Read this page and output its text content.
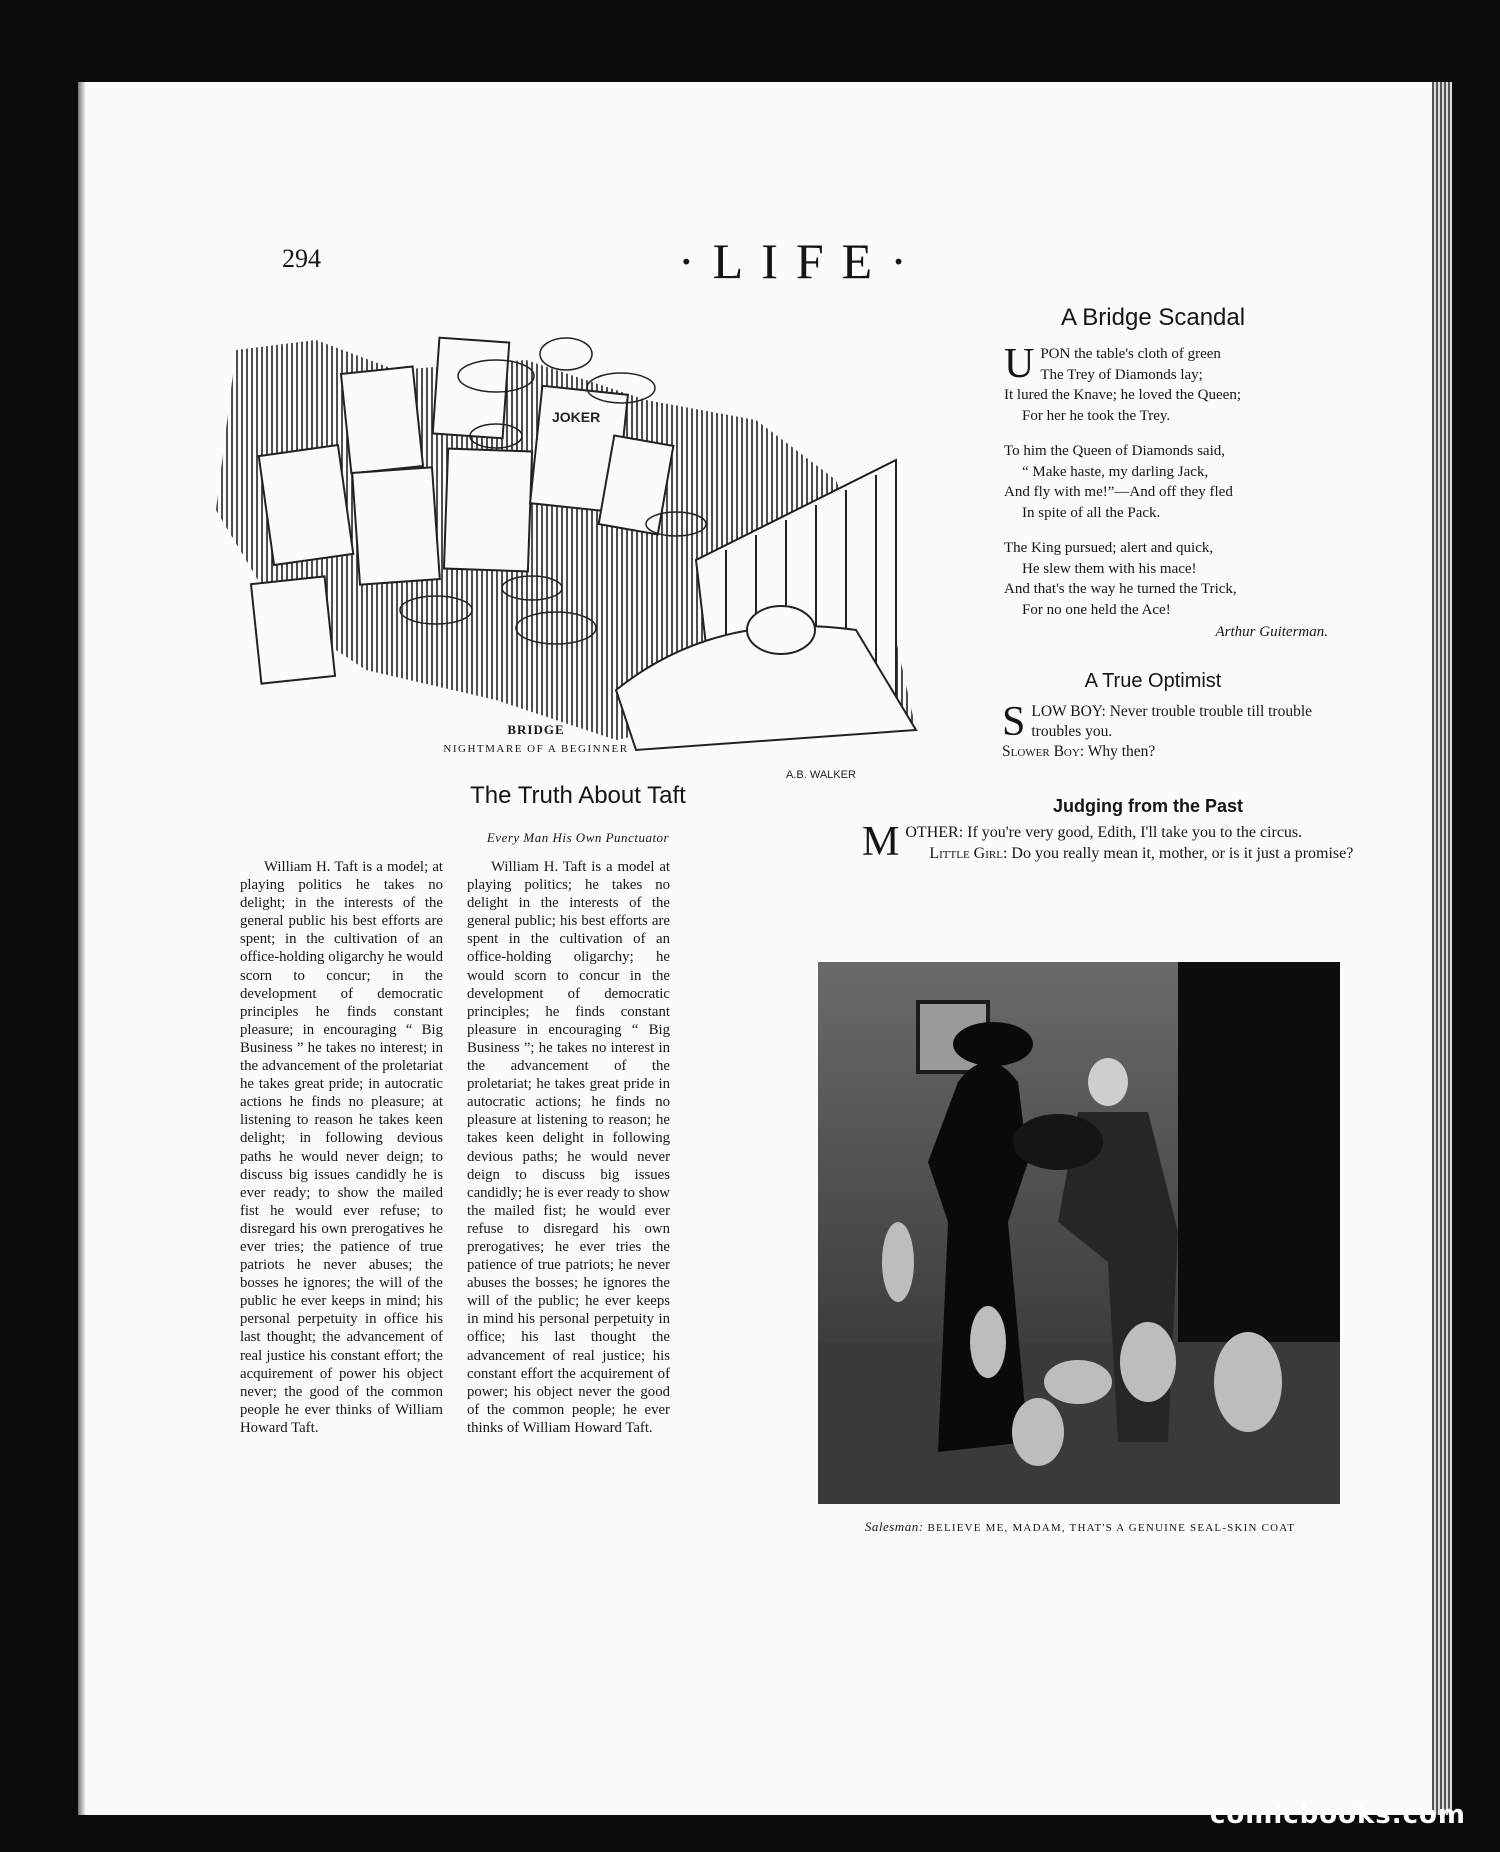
294	·LIFE·
JOKER
A.B. WALKER
BRIDGE
NIGHTMARE OF A BEGINNER
A Bridge Scandal
U PON the table's cloth of green
The Trey of Diamonds lay;
It lured the Knave; he loved the Queen;
For her he took the Trey.
To him the Queen of Diamonds said,
“ Make haste, my darling Jack,
And fly with me!”—And off they fled
In spite of all the Pack.
The King pursued; alert and quick,
He slew them with his mace!
And that's the way he turned the Trick,
For no one held the Ace!
Arthur Guiterman.
A True Optimist
S LOW BOY: Never trouble trouble till trouble troubles you.
Slower Boy: Why then?
Judging from the Past
M OTHER: If you're very good, Edith, I'll take you to the circus.
Little Girl: Do you really mean it, mother, or is it just a promise?
The Truth About Taft
Every Man His Own Punctuator

William H. Taft is a model; at playing politics he takes no delight; in the interests of the general public his best efforts are spent; in the cultivation of an office-holding oligarchy he would scorn to concur; in the development of democratic principles he finds constant pleasure; in encouraging “ Big Business ” he takes no interest; in the advancement of the proletariat he takes great pride; in autocratic actions he finds no pleasure; at listening to reason he takes keen delight; in following devious paths he would never deign; to discuss big issues candidly he is ever ready; to show the mailed fist he would ever refuse; to disregard his own prerogatives he ever tries; the patience of true patriots he never abuses; the bosses he ignores; the will of the public he ever keeps in mind; his personal perpetuity in office his last thought; the advancement of real justice his constant effort; the acquirement of power his object never; the good of the common people he ever thinks of William Howard Taft.

William H. Taft is a model at playing politics; he takes no delight in the interests of the general public; his best efforts are spent in the cultivation of an office-holding oligarchy; he would scorn to concur in the development of democratic principles; he finds constant pleasure in encouraging “ Big Business ”; he takes no interest in the advancement of the proletariat; he takes great pride in autocratic actions; he finds no pleasure at listening to reason; he takes keen delight in following devious paths; he would never deign to discuss big issues candidly; he is ever ready to show the mailed fist; he would ever refuse to disregard his own prerogatives; he ever tries the patience of true patriots; he never abuses the bosses; he ignores the will of the public; he ever keeps in mind his personal perpetuity in office; his last thought the advancement of real justice; his constant effort the acquirement of power; his object never the good of the common people; he ever thinks of William Howard Taft.

Salesman: BELIEVE ME, MADAM, THAT'S A GENUINE SEAL-SKIN COAT
comicbooks.com
